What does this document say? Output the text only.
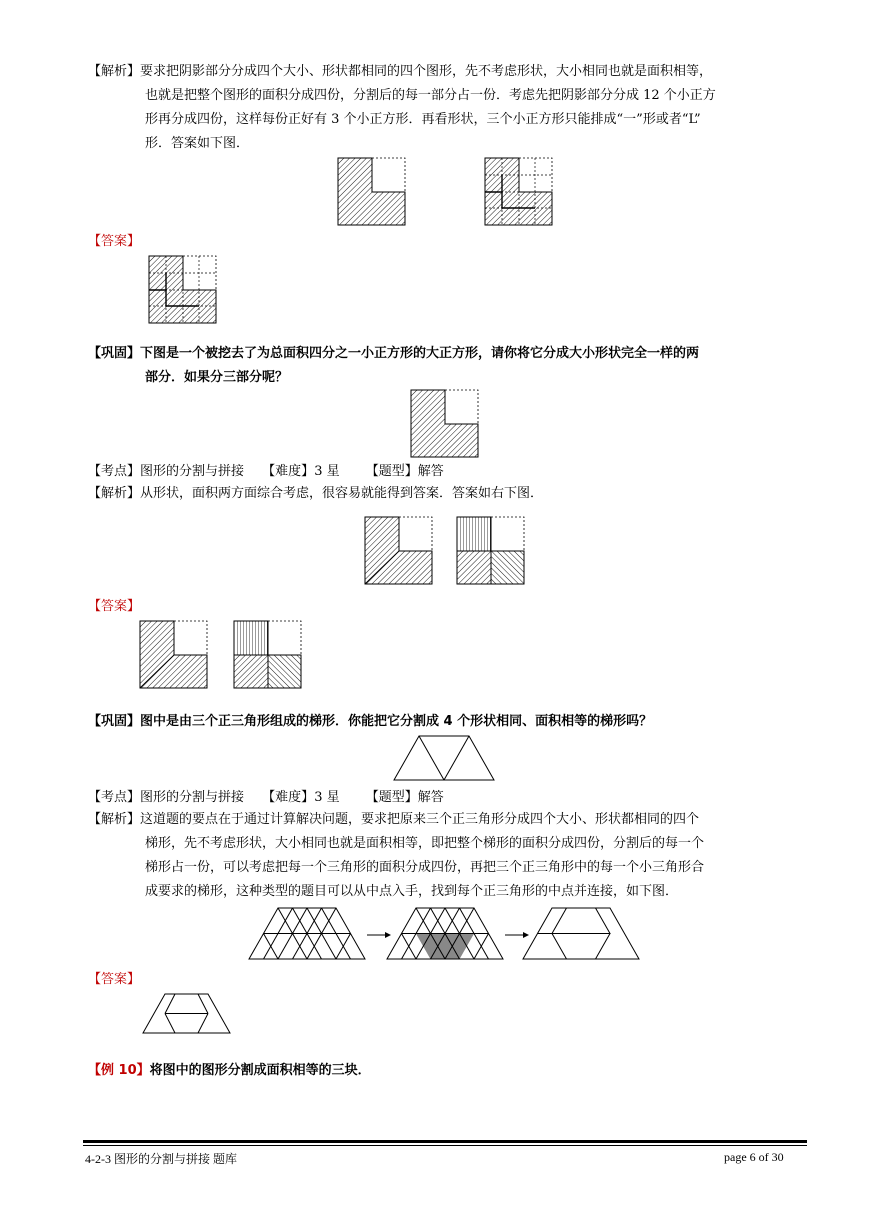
【解析】要求把阴影部分分成四个大小、形状都相同的四个图形，先不考虑形状，大小相同也就是面积相等，
也就是把整个图形的面积分成四份，分割后的每一部分占一份．考虑先把阴影部分分成 12 个小正方
形再分成四份，这样每份正好有 3 个小正方形．再看形状，三个小正方形只能排成“一”形或者“L”
形．答案如下图．
【答案】
【巩固】下图是一个被挖去了为总面积四分之一小正方形的大正方形，请你将它分成大小形状完全一样的两
部分．如果分三部分呢？
【考点】图形的分割与拼接 【难度】3 星 【题型】解答
【解析】从形状，面积两方面综合考虑，很容易就能得到答案．答案如右下图．
【答案】
【巩固】图中是由三个正三角形组成的梯形．你能把它分割成 4 个形状相同、面积相等的梯形吗？
【考点】图形的分割与拼接 【难度】3 星 【题型】解答
【解析】这道题的要点在于通过计算解决问题，要求把原来三个正三角形分成四个大小、形状都相同的四个
梯形，先不考虑形状，大小相同也就是面积相等，即把整个梯形的面积分成四份，分割后的每一个
梯形占一份，可以考虑把每一个三角形的面积分成四份，再把三个正三角形中的每一个小三角形合
成要求的梯形，这种类型的题目可以从中点入手，找到每个正三角形的中点并连接，如下图．
【答案】
【例 10】将图中的图形分割成面积相等的三块．
4-2-3 图形的分割与拼接 题库	page 6 of 30
